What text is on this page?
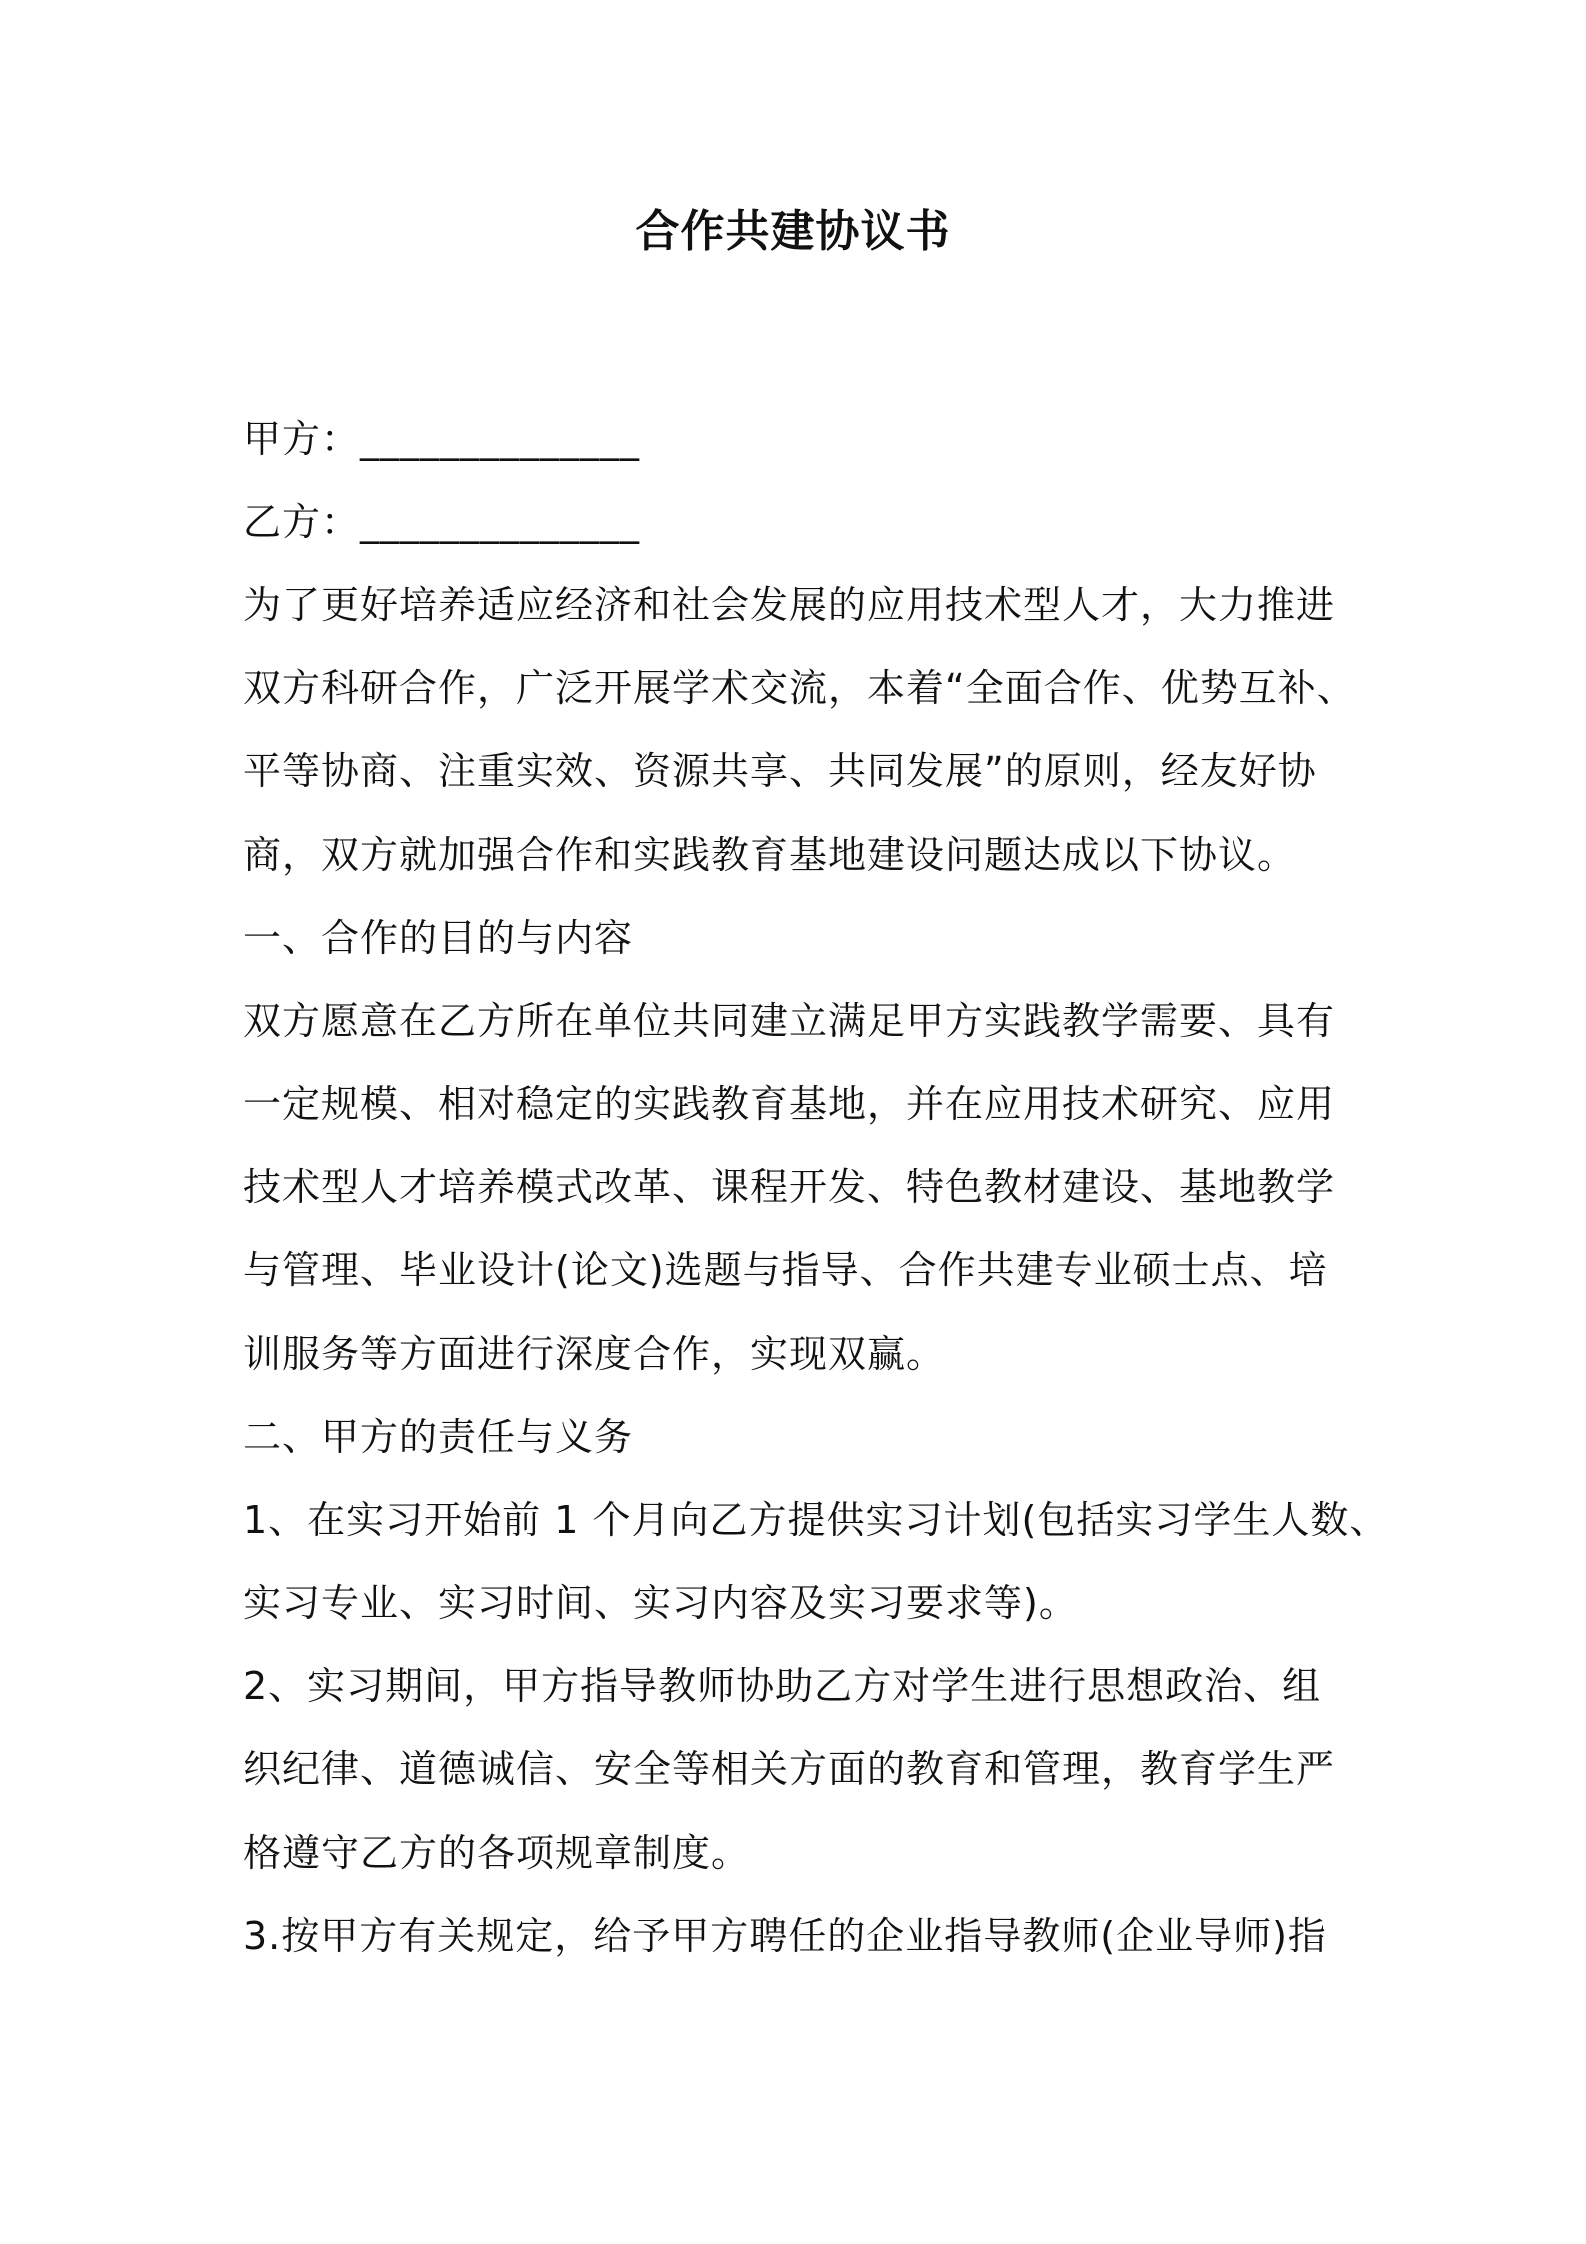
合作共建协议书
甲方：______________
乙方：______________
为了更好培养适应经济和社会发展的应用技术型人才，大力推进
双方科研合作，广泛开展学术交流，本着“全面合作、优势互补、
平等协商、注重实效、资源共享、共同发展”的原则，经友好协
商，双方就加强合作和实践教育基地建设问题达成以下协议。
一、合作的目的与内容
双方愿意在乙方所在单位共同建立满足甲方实践教学需要、具有
一定规模、相对稳定的实践教育基地，并在应用技术研究、应用
技术型人才培养模式改革、课程开发、特色教材建设、基地教学
与管理、毕业设计(论文)选题与指导、合作共建专业硕士点、培
训服务等方面进行深度合作，实现双赢。
二、甲方的责任与义务
1、在实习开始前 1 个月向乙方提供实习计划(包括实习学生人数、
实习专业、实习时间、实习内容及实习要求等)。
2、实习期间，甲方指导教师协助乙方对学生进行思想政治、组
织纪律、道德诚信、安全等相关方面的教育和管理，教育学生严
格遵守乙方的各项规章制度。
3.按甲方有关规定，给予甲方聘任的企业指导教师(企业导师)指
